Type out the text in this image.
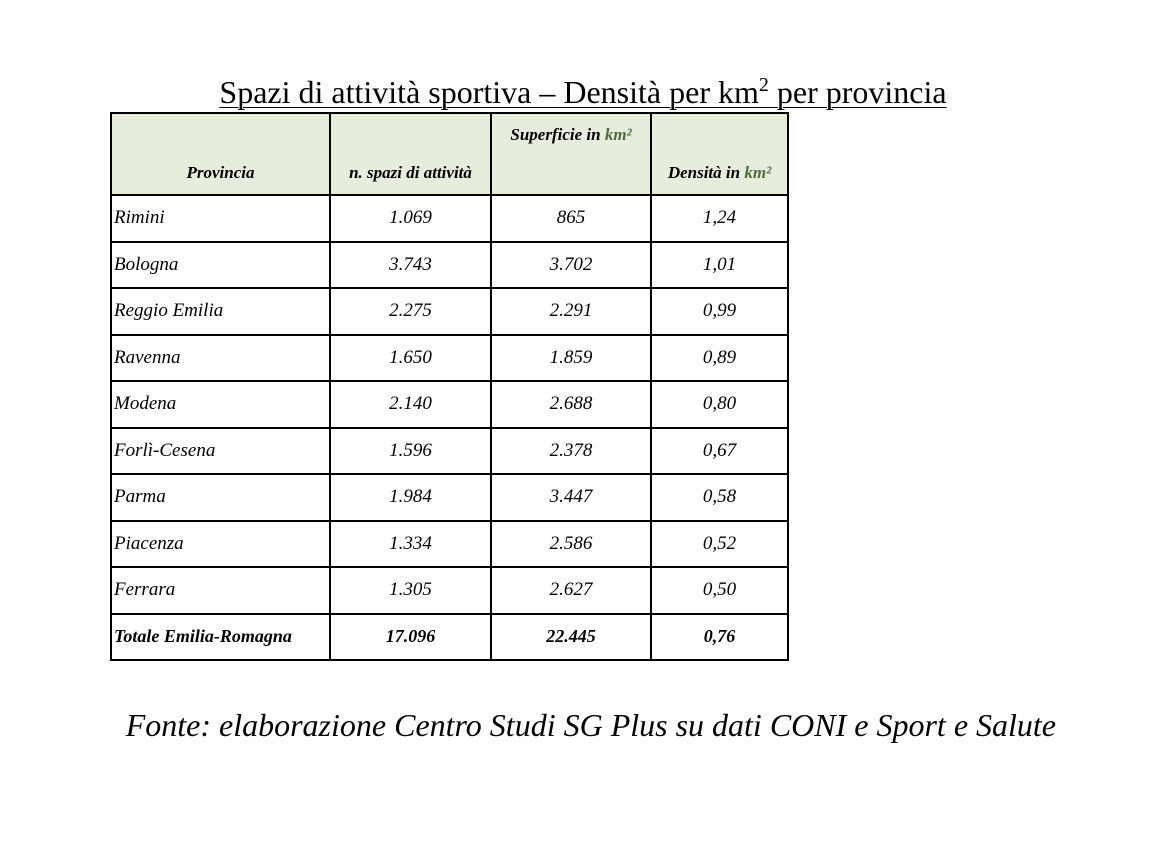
Spazi di attività sportiva – Densità per $km^2$ per provincia
Provincia	n. spazi di attività	Superficie in km²	Densità in km²
Rimini	1.069	865	1,24
Bologna	3.743	3.702	1,01
Reggio Emilia	2.275	2.291	0,99
Ravenna	1.650	1.859	0,89
Modena	2.140	2.688	0,80
Forlì-Cesena	1.596	2.378	0,67
Parma	1.984	3.447	0,58
Piacenza	1.334	2.586	0,52
Ferrara	1.305	2.627	0,50
Totale Emilia-Romagna	17.096	22.445	0,76
Fonte: elaborazione Centro Studi SG Plus su dati CONI e Sport e Salute
